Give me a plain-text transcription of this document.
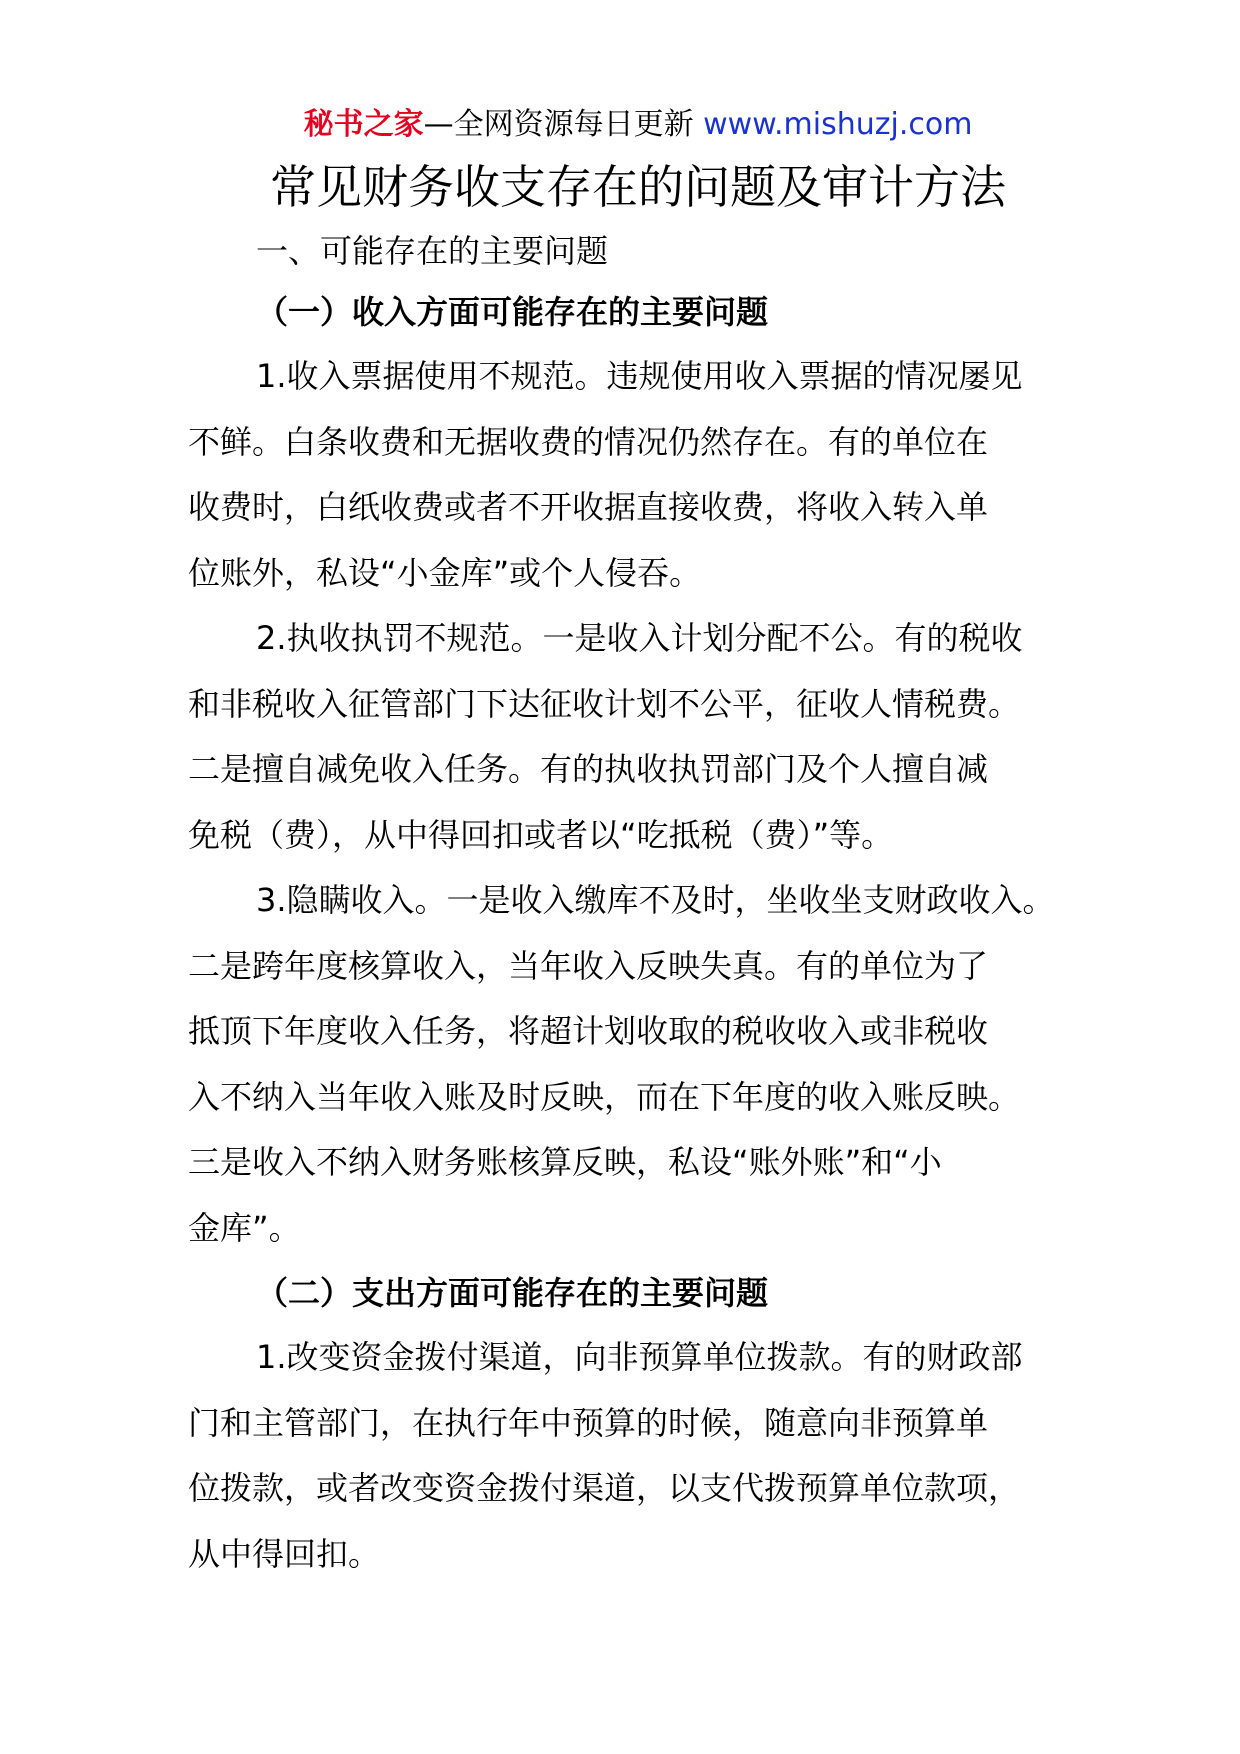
秘书之家—全网资源每日更新 www.mishuzj.com
常见财务收支存在的问题及审计方法
一、可能存在的主要问题
（一）收入方面可能存在的主要问题

1.收入票据使用不规范。违规使用收入票据的情况屡见
不鲜。白条收费和无据收费的情况仍然存在。有的单位在
收费时，白纸收费或者不开收据直接收费，将收入转入单
位账外，私设“小金库”或个人侵吞。

2.执收执罚不规范。一是收入计划分配不公。有的税收
和非税收入征管部门下达征收计划不公平，征收人情税费。
二是擅自减免收入任务。有的执收执罚部门及个人擅自减
免税（费），从中得回扣或者以“吃抵税（费）”等。

3.隐瞒收入。一是收入缴库不及时，坐收坐支财政收入。
二是跨年度核算收入，当年收入反映失真。有的单位为了
抵顶下年度收入任务，将超计划收取的税收收入或非税收
入不纳入当年收入账及时反映，而在下年度的收入账反映。
三是收入不纳入财务账核算反映，私设“账外账”和“小
金库”。

（二）支出方面可能存在的主要问题

1.改变资金拨付渠道，向非预算单位拨款。有的财政部
门和主管部门，在执行年中预算的时候，随意向非预算单
位拨款，或者改变资金拨付渠道，以支代拨预算单位款项，
从中得回扣。
